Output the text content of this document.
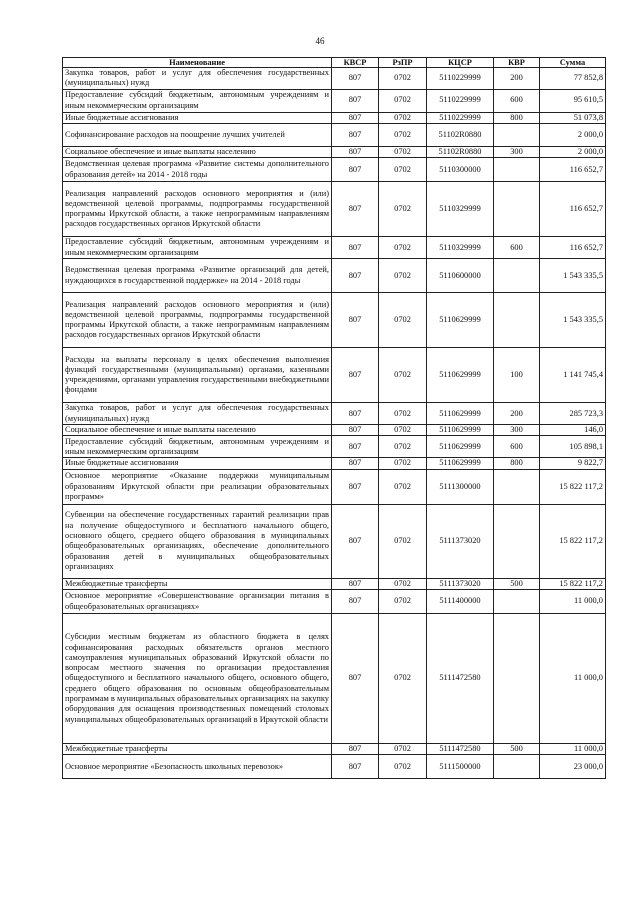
46
Наименование	КВСР	РзПР	КЦСР	КВР	Сумма
Закупка товаров, работ и услуг для обеспечения государственных (муниципальных) нужд	807	0702	5110229999	200	77 852,8
Предоставление субсидий бюджетным, автономным учреждениям и иным некоммерческим организациям	807	0702	5110229999	600	95 610,5
Иные бюджетные ассигнования	807	0702	5110229999	800	51 073,8
Софинансирование расходов на поощрение лучших учителей	807	0702	51102R0880		2 000,0
Социальное обеспечение и иные выплаты населению	807	0702	51102R0880	300	2 000,0
Ведомственная целевая программа «Развитие системы дополнительного образования детей» на 2014 - 2018 годы	807	0702	5110300000		116 652,7
Реализация направлений расходов основного мероприятия и (или) ведомственной целевой программы, подпрограммы государственной программы Иркутской области, а также непрограммным направлениям расходов государственных органов Иркутской области	807	0702	5110329999		116 652,7
Предоставление субсидий бюджетным, автономным учреждениям и иным некоммерческим организациям	807	0702	5110329999	600	116 652,7
Ведомственная целевая программа «Развитие организаций для детей, нуждающихся в государственной поддержке» на 2014 - 2018 годы	807	0702	5110600000		1 543 335,5
Реализация направлений расходов основного мероприятия и (или) ведомственной целевой программы, подпрограммы государственной программы Иркутской области, а также непрограммным направлениям расходов государственных органов Иркутской области	807	0702	5110629999		1 543 335,5
Расходы на выплаты персоналу в целях обеспечения выполнения функций государственными (муниципальными) органами, казенными учреждениями, органами управления государственными внебюджетными фондами	807	0702	5110629999	100	1 141 745,4
Закупка товаров, работ и услуг для обеспечения государственных (муниципальных) нужд	807	0702	5110629999	200	285 723,3
Социальное обеспечение и иные выплаты населению	807	0702	5110629999	300	146,0
Предоставление субсидий бюджетным, автономным учреждениям и иным некоммерческим организациям	807	0702	5110629999	600	105 898,1
Иные бюджетные ассигнования	807	0702	5110629999	800	9 822,7
Основное мероприятие «Оказание поддержки муниципальным образованиям Иркутской области при реализации образовательных программ»	807	0702	5111300000		15 822 117,2
Субвенции на обеспечение государственных гарантий реализации прав на получение общедоступного и бесплатного начального общего, основного общего, среднего общего образования в муниципальных общеобразовательных организациях, обеспечение дополнительного образования детей в муниципальных общеобразовательных организациях	807	0702	5111373020		15 822 117,2
Межбюджетные трансферты	807	0702	5111373020	500	15 822 117,2
Основное мероприятие «Совершенствование организации питания в общеобразовательных организациях»	807	0702	5111400000		11 000,0
Субсидии местным бюджетам из областного бюджета в целях софинансирования расходных обязательств органов местного самоуправления муниципальных образований Иркутской области по вопросам местного значения по организации предоставления общедоступного и бесплатного начального общего, основного общего, среднего общего образования по основным общеобразовательным программам в муниципальных образовательных организациях на закупку оборудования для оснащения производственных помещений столовых муниципальных общеобразовательных организаций в Иркутской области	807	0702	5111472580		11 000,0
Межбюджетные трансферты	807	0702	5111472580	500	11 000,0
Основное мероприятие «Безопасность школьных перевозок»	807	0702	5111500000		23 000,0
